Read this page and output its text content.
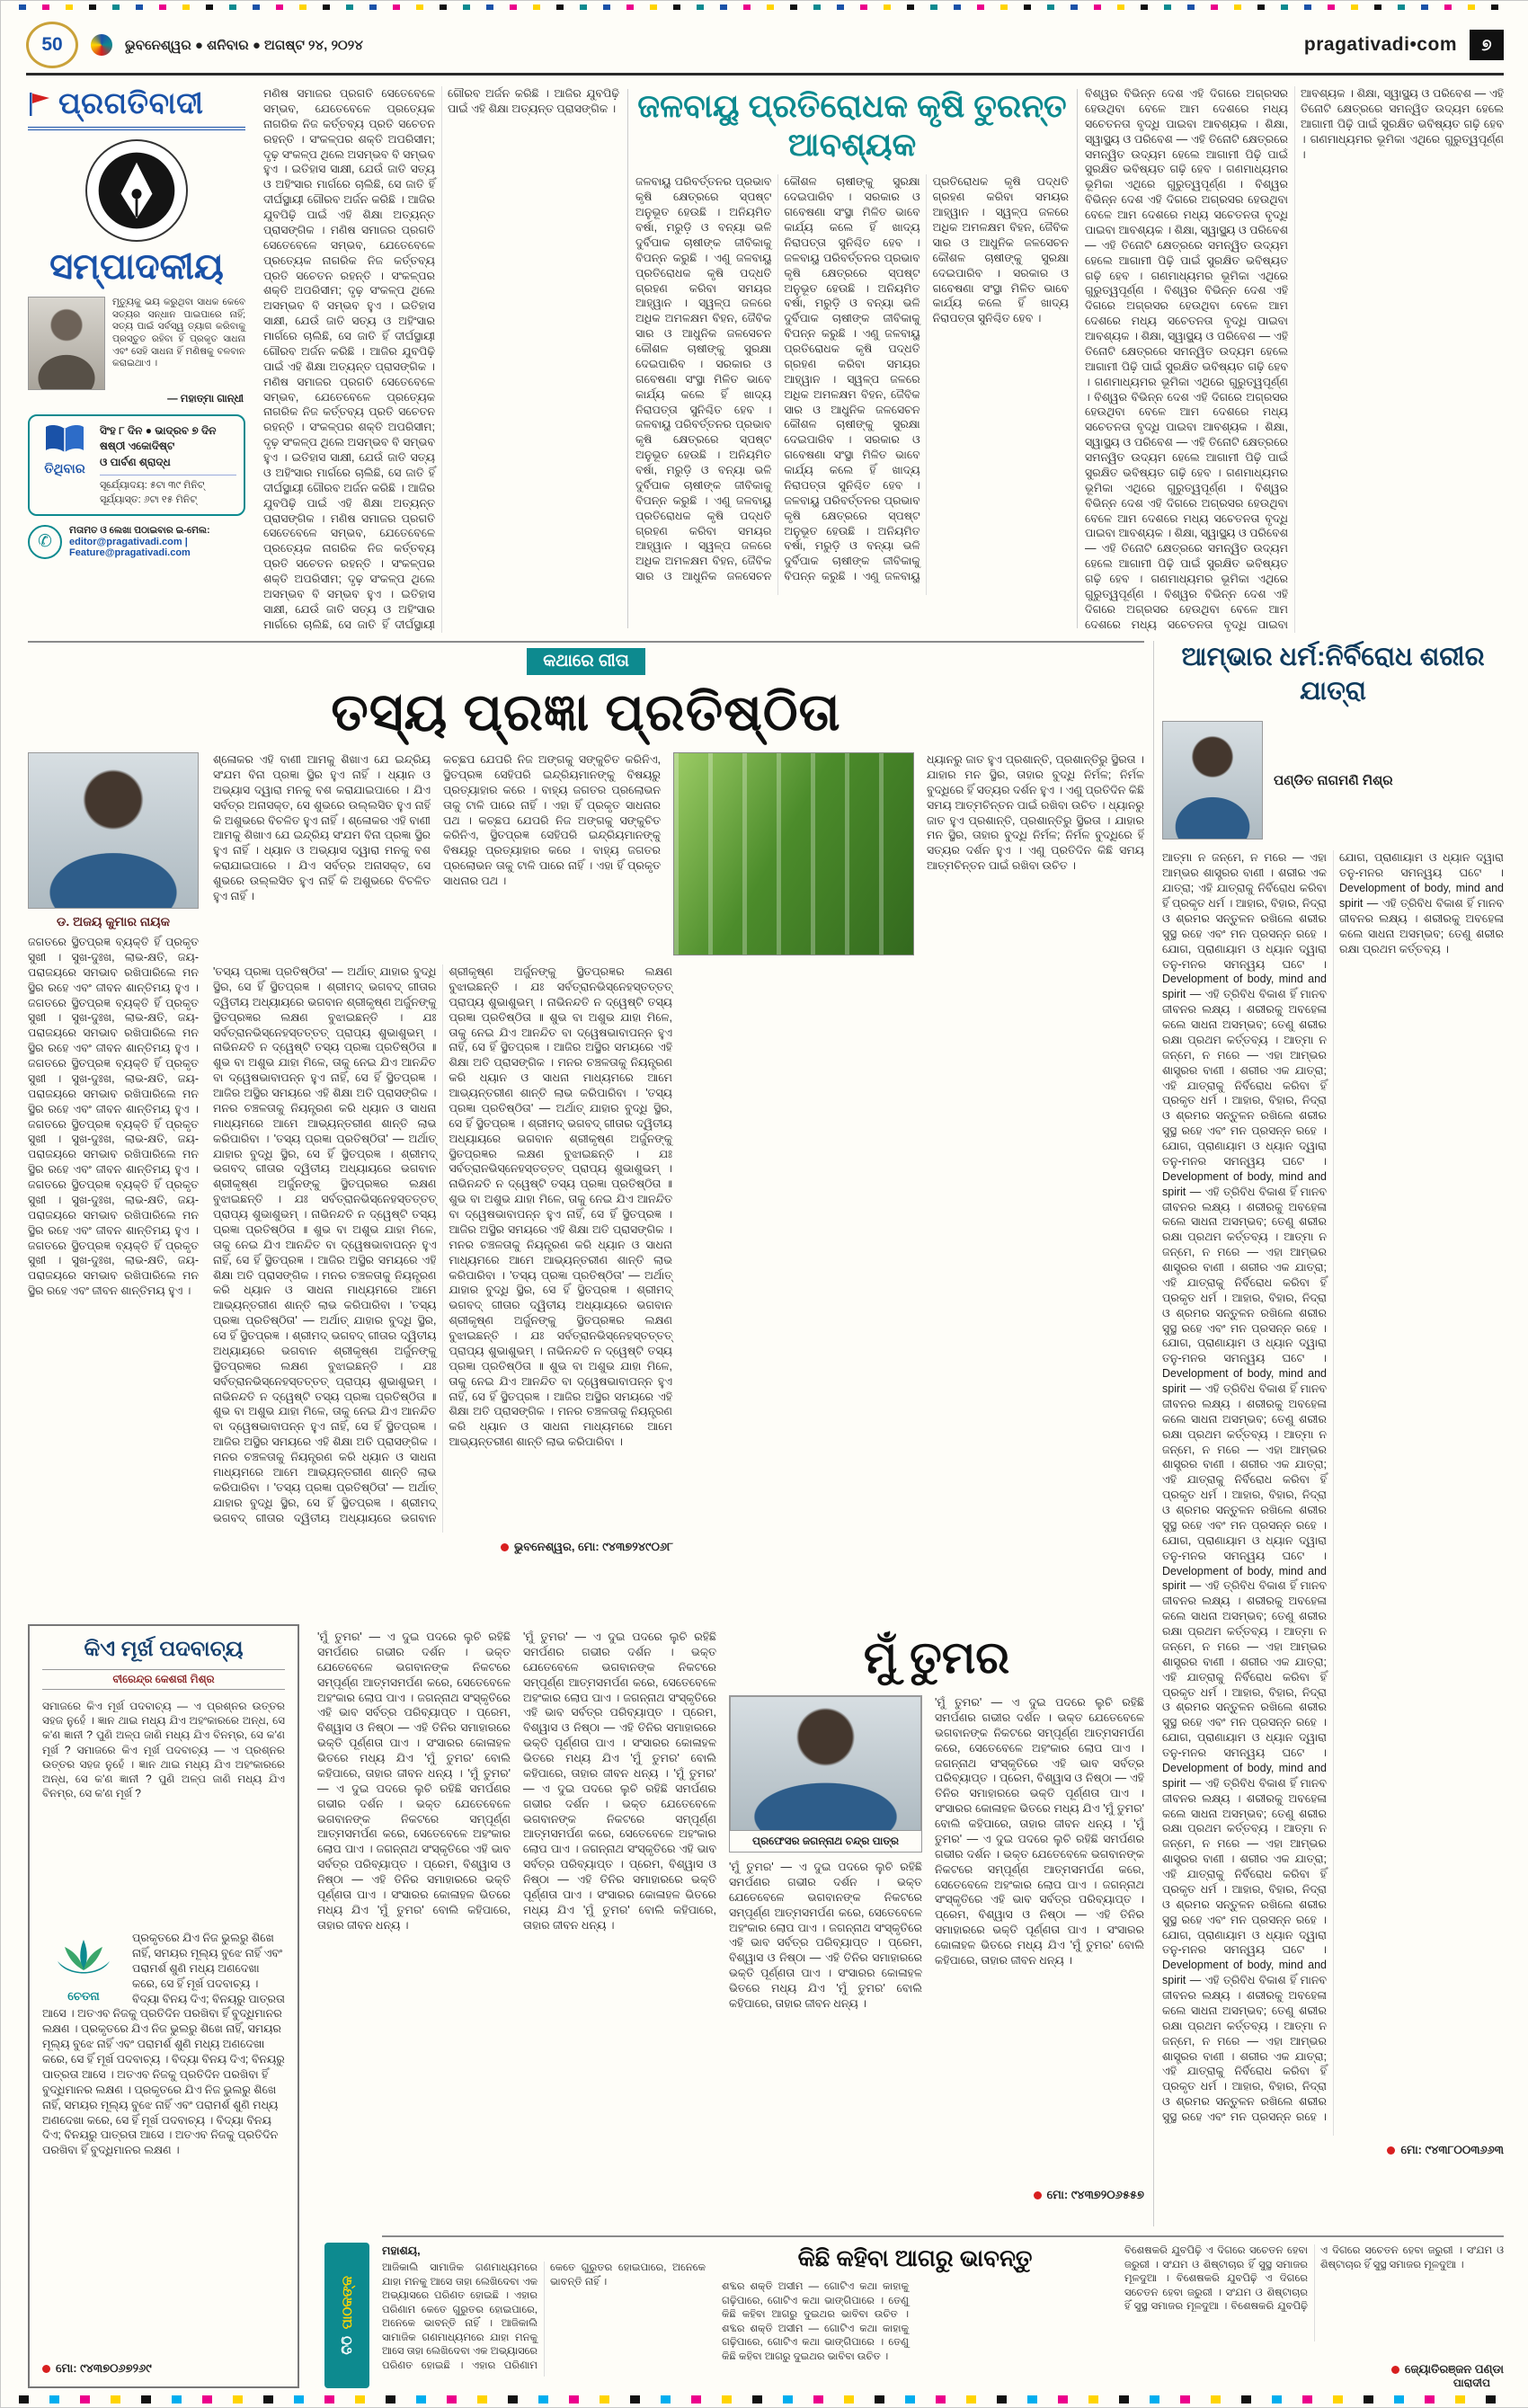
50	ଭୁବନେଶ୍ୱର ● ଶନିବାର ● ଅଗଷ୍ଟ ୨୪, ୨୦୨୪	pragativadi•com	୭
ପ୍ରଗତିବାଦୀ
ସମ୍ପାଦକୀୟ

ମୃତ୍ୟୁକୁ ଭୟ କରୁଥିବା ସାଧକ କେବେ ସତ୍ୟର ସନ୍ଧାନ ପାଇପାରେ ନାହିଁ; ସତ୍ୟ ପାଇଁ ସର୍ବସ୍ୱ ତ୍ୟାଗ କରିବାକୁ ପ୍ରସ୍ତୁତ ରହିବା ହିଁ ପ୍ରକୃତ ସାଧନା ଏବଂ ସେହି ସାଧନା ହିଁ ମଣିଷକୁ ବଳବାନ କରାଇଥାଏ ।

— ମହାତ୍ମା ଗାନ୍ଧୀ
ତିଥିବାର
ସିଂହ ୮ ଦିନ ● ଭାଦ୍ରବ ୭ ଦିନ
ଷଷ୍ଠୀ ଏକୋଦିଷ୍ଟ
ଓ ପାର୍ବଣ ଶ୍ରାଦ୍ଧ
ସୂର୍ଯ୍ୟୋଦୟ: ୫ଟା ୩୯ ମିନିଟ୍
ସୂର୍ଯ୍ୟାସ୍ତ: ୬ଟା ୧୫ ମିନିଟ୍
✆
ମତାମତ ଓ ଲେଖା ପଠାଇବାର ଇ-ମେଲ:
editor@pragativadi.com | Feature@pragativadi.com

ମଣିଷ ସମାଜର ପ୍ରଗତି ସେତେବେଳେ ସମ୍ଭବ, ଯେତେବେଳେ ପ୍ରତ୍ୟେକ ନାଗରିକ ନିଜ କର୍ତ୍ତବ୍ୟ ପ୍ରତି ସଚେତନ ରହନ୍ତି । ସଂକଳ୍ପର ଶକ୍ତି ଅପରିସୀମ; ଦୃଢ଼ ସଂକଳ୍ପ ଥିଲେ ଅସମ୍ଭବ ବି ସମ୍ଭବ ହୁଏ । ଇତିହାସ ସାକ୍ଷୀ, ଯେଉଁ ଜାତି ସତ୍ୟ ଓ ଅହିଂସାର ମାର୍ଗରେ ଚାଲିଛି, ସେ ଜାତି ହିଁ ଦୀର୍ଘସ୍ଥାୟୀ ଗୌରବ ଅର୍ଜନ କରିଛି । ଆଜିର ଯୁବପିଢ଼ି ପାଇଁ ଏହି ଶିକ୍ଷା ଅତ୍ୟନ୍ତ ପ୍ରାସଙ୍ଗିକ । ମଣିଷ ସମାଜର ପ୍ରଗତି ସେତେବେଳେ ସମ୍ଭବ, ଯେତେବେଳେ ପ୍ରତ୍ୟେକ ନାଗରିକ ନିଜ କର୍ତ୍ତବ୍ୟ ପ୍ରତି ସଚେତନ ରହନ୍ତି । ସଂକଳ୍ପର ଶକ୍ତି ଅପରିସୀମ; ଦୃଢ଼ ସଂକଳ୍ପ ଥିଲେ ଅସମ୍ଭବ ବି ସମ୍ଭବ ହୁଏ । ଇତିହାସ ସାକ୍ଷୀ, ଯେଉଁ ଜାତି ସତ୍ୟ ଓ ଅହିଂସାର ମାର୍ଗରେ ଚାଲିଛି, ସେ ଜାତି ହିଁ ଦୀର୍ଘସ୍ଥାୟୀ ଗୌରବ ଅର୍ଜନ କରିଛି । ଆଜିର ଯୁବପିଢ଼ି ପାଇଁ ଏହି ଶିକ୍ଷା ଅତ୍ୟନ୍ତ ପ୍ରାସଙ୍ଗିକ । ମଣିଷ ସମାଜର ପ୍ରଗତି ସେତେବେଳେ ସମ୍ଭବ, ଯେତେବେଳେ ପ୍ରତ୍ୟେକ ନାଗରିକ ନିଜ କର୍ତ୍ତବ୍ୟ ପ୍ରତି ସଚେତନ ରହନ୍ତି । ସଂକଳ୍ପର ଶକ୍ତି ଅପରିସୀମ; ଦୃଢ଼ ସଂକଳ୍ପ ଥିଲେ ଅସମ୍ଭବ ବି ସମ୍ଭବ ହୁଏ । ଇତିହାସ ସାକ୍ଷୀ, ଯେଉଁ ଜାତି ସତ୍ୟ ଓ ଅହିଂସାର ମାର୍ଗରେ ଚାଲିଛି, ସେ ଜାତି ହିଁ ଦୀର୍ଘସ୍ଥାୟୀ ଗୌରବ ଅର୍ଜନ କରିଛି । ଆଜିର ଯୁବପିଢ଼ି ପାଇଁ ଏହି ଶିକ୍ଷା ଅତ୍ୟନ୍ତ ପ୍ରାସଙ୍ଗିକ । ମଣିଷ ସମାଜର ପ୍ରଗତି ସେତେବେଳେ ସମ୍ଭବ, ଯେତେବେଳେ ପ୍ରତ୍ୟେକ ନାଗରିକ ନିଜ କର୍ତ୍ତବ୍ୟ ପ୍ରତି ସଚେତନ ରହନ୍ତି । ସଂକଳ୍ପର ଶକ୍ତି ଅପରିସୀମ; ଦୃଢ଼ ସଂକଳ୍ପ ଥିଲେ ଅସମ୍ଭବ ବି ସମ୍ଭବ ହୁଏ । ଇତିହାସ ସାକ୍ଷୀ, ଯେଉଁ ଜାତି ସତ୍ୟ ଓ ଅହିଂସାର ମାର୍ଗରେ ଚାଲିଛି, ସେ ଜାତି ହିଁ ଦୀର୍ଘସ୍ଥାୟୀ ଗୌରବ ଅର୍ଜନ କରିଛି । ଆଜିର ଯୁବପିଢ଼ି ପାଇଁ ଏହି ଶିକ୍ଷା ଅତ୍ୟନ୍ତ ପ୍ରାସଙ୍ଗିକ । ଜଳବାୟୁ ପ୍ରତିରୋଧକ କୃଷି ତୁରନ୍ତ ଆବଶ୍ୟକ

ଜଳବାୟୁ ପରିବର୍ତ୍ତନର ପ୍ରଭାବ କୃଷି କ୍ଷେତ୍ରରେ ସ୍ପଷ୍ଟ ଅନୁଭୂତ ହେଉଛି । ଅନିୟମିତ ବର୍ଷା, ମରୁଡ଼ି ଓ ବନ୍ୟା ଭଳି ଦୁର୍ବିପାକ ଚାଷୀଙ୍କ ଜୀବିକାକୁ ବିପନ୍ନ କରୁଛି । ଏଣୁ ଜଳବାୟୁ ପ୍ରତିରୋଧକ କୃଷି ପଦ୍ଧତି ଗ୍ରହଣ କରିବା ସମୟର ଆହ୍ୱାନ । ସ୍ୱଳ୍ପ ଜଳରେ ଅଧିକ ଅମଳକ୍ଷମ ବିହନ, ଜୈବିକ ସାର ଓ ଆଧୁନିକ ଜଳସେଚନ କୌଶଳ ଚାଷୀଙ୍କୁ ସୁରକ୍ଷା ଦେଇପାରିବ । ସରକାର ଓ ଗବେଷଣା ସଂସ୍ଥା ମିଳିତ ଭାବେ କାର୍ଯ୍ୟ କଲେ ହିଁ ଖାଦ୍ୟ ନିରାପତ୍ତା ସୁନିଶ୍ଚିତ ହେବ । ଜଳବାୟୁ ପରିବର୍ତ୍ତନର ପ୍ରଭାବ କୃଷି କ୍ଷେତ୍ରରେ ସ୍ପଷ୍ଟ ଅନୁଭୂତ ହେଉଛି । ଅନିୟମିତ ବର୍ଷା, ମରୁଡ଼ି ଓ ବନ୍ୟା ଭଳି ଦୁର୍ବିପାକ ଚାଷୀଙ୍କ ଜୀବିକାକୁ ବିପନ୍ନ କରୁଛି । ଏଣୁ ଜଳବାୟୁ ପ୍ରତିରୋଧକ କୃଷି ପଦ୍ଧତି ଗ୍ରହଣ କରିବା ସମୟର ଆହ୍ୱାନ । ସ୍ୱଳ୍ପ ଜଳରେ ଅଧିକ ଅମଳକ୍ଷମ ବିହନ, ଜୈବିକ ସାର ଓ ଆଧୁନିକ ଜଳସେଚନ କୌଶଳ ଚାଷୀଙ୍କୁ ସୁରକ୍ଷା ଦେଇପାରିବ । ସରକାର ଓ ଗବେଷଣା ସଂସ୍ଥା ମିଳିତ ଭାବେ କାର୍ଯ୍ୟ କଲେ ହିଁ ଖାଦ୍ୟ ନିରାପତ୍ତା ସୁନିଶ୍ଚିତ ହେବ । ଜଳବାୟୁ ପରିବର୍ତ୍ତନର ପ୍ରଭାବ କୃଷି କ୍ଷେତ୍ରରେ ସ୍ପଷ୍ଟ ଅନୁଭୂତ ହେଉଛି । ଅନିୟମିତ ବର୍ଷା, ମରୁଡ଼ି ଓ ବନ୍ୟା ଭଳି ଦୁର୍ବିପାକ ଚାଷୀଙ୍କ ଜୀବିକାକୁ ବିପନ୍ନ କରୁଛି । ଏଣୁ ଜଳବାୟୁ ପ୍ରତିରୋଧକ କୃଷି ପଦ୍ଧତି ଗ୍ରହଣ କରିବା ସମୟର ଆହ୍ୱାନ । ସ୍ୱଳ୍ପ ଜଳରେ ଅଧିକ ଅମଳକ୍ଷମ ବିହନ, ଜୈବିକ ସାର ଓ ଆଧୁନିକ ଜଳସେଚନ କୌଶଳ ଚାଷୀଙ୍କୁ ସୁରକ୍ଷା ଦେଇପାରିବ । ସରକାର ଓ ଗବେଷଣା ସଂସ୍ଥା ମିଳିତ ଭାବେ କାର୍ଯ୍ୟ କଲେ ହିଁ ଖାଦ୍ୟ ନିରାପତ୍ତା ସୁନିଶ୍ଚିତ ହେବ । ଜଳବାୟୁ ପରିବର୍ତ୍ତନର ପ୍ରଭାବ କୃଷି କ୍ଷେତ୍ରରେ ସ୍ପଷ୍ଟ ଅନୁଭୂତ ହେଉଛି । ଅନିୟମିତ ବର୍ଷା, ମରୁଡ଼ି ଓ ବନ୍ୟା ଭଳି ଦୁର୍ବିପାକ ଚାଷୀଙ୍କ ଜୀବିକାକୁ ବିପନ୍ନ କରୁଛି । ଏଣୁ ଜଳବାୟୁ ପ୍ରତିରୋଧକ କୃଷି ପଦ୍ଧତି ଗ୍ରହଣ କରିବା ସମୟର ଆହ୍ୱାନ । ସ୍ୱଳ୍ପ ଜଳରେ ଅଧିକ ଅମଳକ୍ଷମ ବିହନ, ଜୈବିକ ସାର ଓ ଆଧୁନିକ ଜଳସେଚନ କୌଶଳ ଚାଷୀଙ୍କୁ ସୁରକ୍ଷା ଦେଇପାରିବ । ସରକାର ଓ ଗବେଷଣା ସଂସ୍ଥା ମିଳିତ ଭାବେ କାର୍ଯ୍ୟ କଲେ ହିଁ ଖାଦ୍ୟ ନିରାପତ୍ତା ସୁନିଶ୍ଚିତ ହେବ ।

ବିଶ୍ୱର ବିଭିନ୍ନ ଦେଶ ଏହି ଦିଗରେ ଅଗ୍ରସର ହେଉଥିବା ବେଳେ ଆମ ଦେଶରେ ମଧ୍ୟ ସଚେତନତା ବୃଦ୍ଧି ପାଇବା ଆବଶ୍ୟକ । ଶିକ୍ଷା, ସ୍ୱାସ୍ଥ୍ୟ ଓ ପରିବେଶ — ଏହି ତିନୋଟି କ୍ଷେତ୍ରରେ ସମନ୍ୱିତ ଉଦ୍ୟମ ହେଲେ ଆଗାମୀ ପିଢ଼ି ପାଇଁ ସୁରକ୍ଷିତ ଭବିଷ୍ୟତ ଗଢ଼ି ହେବ । ଗଣମାଧ୍ୟମର ଭୂମିକା ଏଥିରେ ଗୁରୁତ୍ୱପୂର୍ଣ୍ଣ । ବିଶ୍ୱର ବିଭିନ୍ନ ଦେଶ ଏହି ଦିଗରେ ଅଗ୍ରସର ହେଉଥିବା ବେଳେ ଆମ ଦେଶରେ ମଧ୍ୟ ସଚେତନତା ବୃଦ୍ଧି ପାଇବା ଆବଶ୍ୟକ । ଶିକ୍ଷା, ସ୍ୱାସ୍ଥ୍ୟ ଓ ପରିବେଶ — ଏହି ତିନୋଟି କ୍ଷେତ୍ରରେ ସମନ୍ୱିତ ଉଦ୍ୟମ ହେଲେ ଆଗାମୀ ପିଢ଼ି ପାଇଁ ସୁରକ୍ଷିତ ଭବିଷ୍ୟତ ଗଢ଼ି ହେବ । ଗଣମାଧ୍ୟମର ଭୂମିକା ଏଥିରେ ଗୁରୁତ୍ୱପୂର୍ଣ୍ଣ । ବିଶ୍ୱର ବିଭିନ୍ନ ଦେଶ ଏହି ଦିଗରେ ଅଗ୍ରସର ହେଉଥିବା ବେଳେ ଆମ ଦେଶରେ ମଧ୍ୟ ସଚେତନତା ବୃଦ୍ଧି ପାଇବା ଆବଶ୍ୟକ । ଶିକ୍ଷା, ସ୍ୱାସ୍ଥ୍ୟ ଓ ପରିବେଶ — ଏହି ତିନୋଟି କ୍ଷେତ୍ରରେ ସମନ୍ୱିତ ଉଦ୍ୟମ ହେଲେ ଆଗାମୀ ପିଢ଼ି ପାଇଁ ସୁରକ୍ଷିତ ଭବିଷ୍ୟତ ଗଢ଼ି ହେବ । ଗଣମାଧ୍ୟମର ଭୂମିକା ଏଥିରେ ଗୁରୁତ୍ୱପୂର୍ଣ୍ଣ । ବିଶ୍ୱର ବିଭିନ୍ନ ଦେଶ ଏହି ଦିଗରେ ଅଗ୍ରସର ହେଉଥିବା ବେଳେ ଆମ ଦେଶରେ ମଧ୍ୟ ସଚେତନତା ବୃଦ୍ଧି ପାଇବା ଆବଶ୍ୟକ । ଶିକ୍ଷା, ସ୍ୱାସ୍ଥ୍ୟ ଓ ପରିବେଶ — ଏହି ତିନୋଟି କ୍ଷେତ୍ରରେ ସମନ୍ୱିତ ଉଦ୍ୟମ ହେଲେ ଆଗାମୀ ପିଢ଼ି ପାଇଁ ସୁରକ୍ଷିତ ଭବିଷ୍ୟତ ଗଢ଼ି ହେବ । ଗଣମାଧ୍ୟମର ଭୂମିକା ଏଥିରେ ଗୁରୁତ୍ୱପୂର୍ଣ୍ଣ । ବିଶ୍ୱର ବିଭିନ୍ନ ଦେଶ ଏହି ଦିଗରେ ଅଗ୍ରସର ହେଉଥିବା ବେଳେ ଆମ ଦେଶରେ ମଧ୍ୟ ସଚେତନତା ବୃଦ୍ଧି ପାଇବା ଆବଶ୍ୟକ । ଶିକ୍ଷା, ସ୍ୱାସ୍ଥ୍ୟ ଓ ପରିବେଶ — ଏହି ତିନୋଟି କ୍ଷେତ୍ରରେ ସମନ୍ୱିତ ଉଦ୍ୟମ ହେଲେ ଆଗାମୀ ପିଢ଼ି ପାଇଁ ସୁରକ୍ଷିତ ଭବିଷ୍ୟତ ଗଢ଼ି ହେବ । ଗଣମାଧ୍ୟମର ଭୂମିକା ଏଥିରେ ଗୁରୁତ୍ୱପୂର୍ଣ୍ଣ । ବିଶ୍ୱର ବିଭିନ୍ନ ଦେଶ ଏହି ଦିଗରେ ଅଗ୍ରସର ହେଉଥିବା ବେଳେ ଆମ ଦେଶରେ ମଧ୍ୟ ସଚେତନତା ବୃଦ୍ଧି ପାଇବା ଆବଶ୍ୟକ । ଶିକ୍ଷା, ସ୍ୱାସ୍ଥ୍ୟ ଓ ପରିବେଶ — ଏହି ତିନୋଟି କ୍ଷେତ୍ରରେ ସମନ୍ୱିତ ଉଦ୍ୟମ ହେଲେ ଆଗାମୀ ପିଢ଼ି ପାଇଁ ସୁରକ୍ଷିତ ଭବିଷ୍ୟତ ଗଢ଼ି ହେବ । ଗଣମାଧ୍ୟମର ଭୂମିକା ଏଥିରେ ଗୁରୁତ୍ୱପୂର୍ଣ୍ଣ ।

କଥାରେ ଗୀତା
ତସ୍ୟ ପ୍ରଜ୍ଞା ପ୍ରତିଷ୍ଠିତା
ଡ. ଅଜୟ କୁମାର ନାୟକ

ଜଗତରେ ସ୍ଥିତପ୍ରଜ୍ଞ ବ୍ୟକ୍ତି ହିଁ ପ୍ରକୃତ ସୁଖୀ । ସୁଖ-ଦୁଃଖ, ଲାଭ-କ୍ଷତି, ଜୟ-ପରାଜୟରେ ସମଭାବ ରଖିପାରିଲେ ମନ ସ୍ଥିର ରହେ ଏବଂ ଜୀବନ ଶାନ୍ତିମୟ ହୁଏ । ଜଗତରେ ସ୍ଥିତପ୍ରଜ୍ଞ ବ୍ୟକ୍ତି ହିଁ ପ୍ରକୃତ ସୁଖୀ । ସୁଖ-ଦୁଃଖ, ଲାଭ-କ୍ଷତି, ଜୟ-ପରାଜୟରେ ସମଭାବ ରଖିପାରିଲେ ମନ ସ୍ଥିର ରହେ ଏବଂ ଜୀବନ ଶାନ୍ତିମୟ ହୁଏ । ଜଗତରେ ସ୍ଥିତପ୍ରଜ୍ଞ ବ୍ୟକ୍ତି ହିଁ ପ୍ରକୃତ ସୁଖୀ । ସୁଖ-ଦୁଃଖ, ଲାଭ-କ୍ଷତି, ଜୟ-ପରାଜୟରେ ସମଭାବ ରଖିପାରିଲେ ମନ ସ୍ଥିର ରହେ ଏବଂ ଜୀବନ ଶାନ୍ତିମୟ ହୁଏ । ଜଗତରେ ସ୍ଥିତପ୍ରଜ୍ଞ ବ୍ୟକ୍ତି ହିଁ ପ୍ରକୃତ ସୁଖୀ । ସୁଖ-ଦୁଃଖ, ଲାଭ-କ୍ଷତି, ଜୟ-ପରାଜୟରେ ସମଭାବ ରଖିପାରିଲେ ମନ ସ୍ଥିର ରହେ ଏବଂ ଜୀବନ ଶାନ୍ତିମୟ ହୁଏ । ଜଗତରେ ସ୍ଥିତପ୍ରଜ୍ଞ ବ୍ୟକ୍ତି ହିଁ ପ୍ରକୃତ ସୁଖୀ । ସୁଖ-ଦୁଃଖ, ଲାଭ-କ୍ଷତି, ଜୟ-ପରାଜୟରେ ସମଭାବ ରଖିପାରିଲେ ମନ ସ୍ଥିର ରହେ ଏବଂ ଜୀବନ ଶାନ୍ତିମୟ ହୁଏ । ଜଗତରେ ସ୍ଥିତପ୍ରଜ୍ଞ ବ୍ୟକ୍ତି ହିଁ ପ୍ରକୃତ ସୁଖୀ । ସୁଖ-ଦୁଃଖ, ଲାଭ-କ୍ଷତି, ଜୟ-ପରାଜୟରେ ସମଭାବ ରଖିପାରିଲେ ମନ ସ୍ଥିର ରହେ ଏବଂ ଜୀବନ ଶାନ୍ତିମୟ ହୁଏ ।

ଶ୍ଳୋକର ଏହି ବାଣୀ ଆମକୁ ଶିଖାଏ ଯେ ଇନ୍ଦ୍ରିୟ ସଂଯମ ବିନା ପ୍ରଜ୍ଞା ସ୍ଥିର ହୁଏ ନାହିଁ । ଧ୍ୟାନ ଓ ଅଭ୍ୟାସ ଦ୍ୱାରା ମନକୁ ବଶ କରାଯାଇପାରେ । ଯିଏ ସର୍ବତ୍ର ଅନାସକ୍ତ, ସେ ଶୁଭରେ ଉଲ୍ଲସିତ ହୁଏ ନାହିଁ କି ଅଶୁଭରେ ବିଚଳିତ ହୁଏ ନାହିଁ । ଶ୍ଳୋକର ଏହି ବାଣୀ ଆମକୁ ଶିଖାଏ ଯେ ଇନ୍ଦ୍ରିୟ ସଂଯମ ବିନା ପ୍ରଜ୍ଞା ସ୍ଥିର ହୁଏ ନାହିଁ । ଧ୍ୟାନ ଓ ଅଭ୍ୟାସ ଦ୍ୱାରା ମନକୁ ବଶ କରାଯାଇପାରେ । ଯିଏ ସର୍ବତ୍ର ଅନାସକ୍ତ, ସେ ଶୁଭରେ ଉଲ୍ଲସିତ ହୁଏ ନାହିଁ କି ଅଶୁଭରେ ବିଚଳିତ ହୁଏ ନାହିଁ ।

କଚ୍ଛପ ଯେପରି ନିଜ ଅଙ୍ଗକୁ ସଙ୍କୁଚିତ କରିନିଏ, ସ୍ଥିତପ୍ରଜ୍ଞ ସେହିପରି ଇନ୍ଦ୍ରିୟମାନଙ୍କୁ ବିଷୟରୁ ପ୍ରତ୍ୟାହାର କରେ । ବାହ୍ୟ ଜଗତର ପ୍ରଲୋଭନ ତାକୁ ଟାଳି ପାରେ ନାହିଁ । ଏହା ହିଁ ପ୍ରକୃତ ସାଧନାର ପଥ । କଚ୍ଛପ ଯେପରି ନିଜ ଅଙ୍ଗକୁ ସଙ୍କୁଚିତ କରିନିଏ, ସ୍ଥିତପ୍ରଜ୍ଞ ସେହିପରି ଇନ୍ଦ୍ରିୟମାନଙ୍କୁ ବିଷୟରୁ ପ୍ରତ୍ୟାହାର କରେ । ବାହ୍ୟ ଜଗତର ପ୍ରଲୋଭନ ତାକୁ ଟାଳି ପାରେ ନାହିଁ । ଏହା ହିଁ ପ୍ରକୃତ ସାଧନାର ପଥ ।

ଧ୍ୟାନରୁ ଜାତ ହୁଏ ପ୍ରଶାନ୍ତି, ପ୍ରଶାନ୍ତିରୁ ସ୍ଥିରତା । ଯାହାର ମନ ସ୍ଥିର, ତାହାର ବୁଦ୍ଧି ନିର୍ମଳ; ନିର୍ମଳ ବୁଦ୍ଧିରେ ହିଁ ସତ୍ୟର ଦର୍ଶନ ହୁଏ । ଏଣୁ ପ୍ରତିଦିନ କିଛି ସମୟ ଆତ୍ମଚିନ୍ତନ ପାଇଁ ରଖିବା ଉଚିତ । ଧ୍ୟାନରୁ ଜାତ ହୁଏ ପ୍ରଶାନ୍ତି, ପ୍ରଶାନ୍ତିରୁ ସ୍ଥିରତା । ଯାହାର ମନ ସ୍ଥିର, ତାହାର ବୁଦ୍ଧି ନିର୍ମଳ; ନିର୍ମଳ ବୁଦ୍ଧିରେ ହିଁ ସତ୍ୟର ଦର୍ଶନ ହୁଏ । ଏଣୁ ପ୍ରତିଦିନ କିଛି ସମୟ ଆତ୍ମଚିନ୍ତନ ପାଇଁ ରଖିବା ଉଚିତ ।

'ତସ୍ୟ ପ୍ରଜ୍ଞା ପ୍ରତିଷ୍ଠିତା' — ଅର୍ଥାତ୍ ଯାହାର ବୁଦ୍ଧି ସ୍ଥିର, ସେ ହିଁ ସ୍ଥିତପ୍ରଜ୍ଞ । ଶ୍ରୀମଦ୍ ଭଗବଦ୍ ଗୀତାର ଦ୍ୱିତୀୟ ଅଧ୍ୟାୟରେ ଭଗବାନ ଶ୍ରୀକୃଷ୍ଣ ଅର୍ଜୁନଙ୍କୁ ସ୍ଥିତପ୍ରଜ୍ଞର ଲକ୍ଷଣ ବୁଝାଇଛନ୍ତି । ଯଃ ସର୍ବତ୍ରାନଭିସ୍ନେହସ୍ତତ୍ତତ୍ ପ୍ରାପ୍ୟ ଶୁଭାଶୁଭମ୍ । ନାଭିନନ୍ଦତି ନ ଦ୍ୱେଷ୍ଟି ତସ୍ୟ ପ୍ରଜ୍ଞା ପ୍ରତିଷ୍ଠିତା ॥ ଶୁଭ ବା ଅଶୁଭ ଯାହା ମିଳେ, ତାକୁ ନେଇ ଯିଏ ଆନନ୍ଦିତ ବା ଦ୍ୱେଷଭାବାପନ୍ନ ହୁଏ ନାହିଁ, ସେ ହିଁ ସ୍ଥିତପ୍ରଜ୍ଞ । ଆଜିର ଅସ୍ଥିର ସମୟରେ ଏହି ଶିକ୍ଷା ଅତି ପ୍ରାସଙ୍ଗିକ । ମନର ଚଞ୍ଚଳତାକୁ ନିୟନ୍ତ୍ରଣ କରି ଧ୍ୟାନ ଓ ସାଧନା ମାଧ୍ୟମରେ ଆମେ ଆଭ୍ୟନ୍ତରୀଣ ଶାନ୍ତି ଲାଭ କରିପାରିବା । 'ତସ୍ୟ ପ୍ରଜ୍ଞା ପ୍ରତିଷ୍ଠିତା' — ଅର୍ଥାତ୍ ଯାହାର ବୁଦ୍ଧି ସ୍ଥିର, ସେ ହିଁ ସ୍ଥିତପ୍ରଜ୍ଞ । ଶ୍ରୀମଦ୍ ଭଗବଦ୍ ଗୀତାର ଦ୍ୱିତୀୟ ଅଧ୍ୟାୟରେ ଭଗବାନ ଶ୍ରୀକୃଷ୍ଣ ଅର୍ଜୁନଙ୍କୁ ସ୍ଥିତପ୍ରଜ୍ଞର ଲକ୍ଷଣ ବୁଝାଇଛନ୍ତି । ଯଃ ସର୍ବତ୍ରାନଭିସ୍ନେହସ୍ତତ୍ତତ୍ ପ୍ରାପ୍ୟ ଶୁଭାଶୁଭମ୍ । ନାଭିନନ୍ଦତି ନ ଦ୍ୱେଷ୍ଟି ତସ୍ୟ ପ୍ରଜ୍ଞା ପ୍ରତିଷ୍ଠିତା ॥ ଶୁଭ ବା ଅଶୁଭ ଯାହା ମିଳେ, ତାକୁ ନେଇ ଯିଏ ଆନନ୍ଦିତ ବା ଦ୍ୱେଷଭାବାପନ୍ନ ହୁଏ ନାହିଁ, ସେ ହିଁ ସ୍ଥିତପ୍ରଜ୍ଞ । ଆଜିର ଅସ୍ଥିର ସମୟରେ ଏହି ଶିକ୍ଷା ଅତି ପ୍ରାସଙ୍ଗିକ । ମନର ଚଞ୍ଚଳତାକୁ ନିୟନ୍ତ୍ରଣ କରି ଧ୍ୟାନ ଓ ସାଧନା ମାଧ୍ୟମରେ ଆମେ ଆଭ୍ୟନ୍ତରୀଣ ଶାନ୍ତି ଲାଭ କରିପାରିବା । 'ତସ୍ୟ ପ୍ରଜ୍ଞା ପ୍ରତିଷ୍ଠିତା' — ଅର୍ଥାତ୍ ଯାହାର ବୁଦ୍ଧି ସ୍ଥିର, ସେ ହିଁ ସ୍ଥିତପ୍ରଜ୍ଞ । ଶ୍ରୀମଦ୍ ଭଗବଦ୍ ଗୀତାର ଦ୍ୱିତୀୟ ଅଧ୍ୟାୟରେ ଭଗବାନ ଶ୍ରୀକୃଷ୍ଣ ଅର୍ଜୁନଙ୍କୁ ସ୍ଥିତପ୍ରଜ୍ଞର ଲକ୍ଷଣ ବୁଝାଇଛନ୍ତି । ଯଃ ସର୍ବତ୍ରାନଭିସ୍ନେହସ୍ତତ୍ତତ୍ ପ୍ରାପ୍ୟ ଶୁଭାଶୁଭମ୍ । ନାଭିନନ୍ଦତି ନ ଦ୍ୱେଷ୍ଟି ତସ୍ୟ ପ୍ରଜ୍ଞା ପ୍ରତିଷ୍ଠିତା ॥ ଶୁଭ ବା ଅଶୁଭ ଯାହା ମିଳେ, ତାକୁ ନେଇ ଯିଏ ଆନନ୍ଦିତ ବା ଦ୍ୱେଷଭାବାପନ୍ନ ହୁଏ ନାହିଁ, ସେ ହିଁ ସ୍ଥିତପ୍ରଜ୍ଞ । ଆଜିର ଅସ୍ଥିର ସମୟରେ ଏହି ଶିକ୍ଷା ଅତି ପ୍ରାସଙ୍ଗିକ । ମନର ଚଞ୍ଚଳତାକୁ ନିୟନ୍ତ୍ରଣ କରି ଧ୍ୟାନ ଓ ସାଧନା ମାଧ୍ୟମରେ ଆମେ ଆଭ୍ୟନ୍ତରୀଣ ଶାନ୍ତି ଲାଭ କରିପାରିବା । 'ତସ୍ୟ ପ୍ରଜ୍ଞା ପ୍ରତିଷ୍ଠିତା' — ଅର୍ଥାତ୍ ଯାହାର ବୁଦ୍ଧି ସ୍ଥିର, ସେ ହିଁ ସ୍ଥିତପ୍ରଜ୍ଞ । ଶ୍ରୀମଦ୍ ଭଗବଦ୍ ଗୀତାର ଦ୍ୱିତୀୟ ଅଧ୍ୟାୟରେ ଭଗବାନ ଶ୍ରୀକୃଷ୍ଣ ଅର୍ଜୁନଙ୍କୁ ସ୍ଥିତପ୍ରଜ୍ଞର ଲକ୍ଷଣ ବୁଝାଇଛନ୍ତି । ଯଃ ସର୍ବତ୍ରାନଭିସ୍ନେହସ୍ତତ୍ତତ୍ ପ୍ରାପ୍ୟ ଶୁଭାଶୁଭମ୍ । ନାଭିନନ୍ଦତି ନ ଦ୍ୱେଷ୍ଟି ତସ୍ୟ ପ୍ରଜ୍ଞା ପ୍ରତିଷ୍ଠିତା ॥ ଶୁଭ ବା ଅଶୁଭ ଯାହା ମିଳେ, ତାକୁ ନେଇ ଯିଏ ଆନନ୍ଦିତ ବା ଦ୍ୱେଷଭାବାପନ୍ନ ହୁଏ ନାହିଁ, ସେ ହିଁ ସ୍ଥିତପ୍ରଜ୍ଞ । ଆଜିର ଅସ୍ଥିର ସମୟରେ ଏହି ଶିକ୍ଷା ଅତି ପ୍ରାସଙ୍ଗିକ । ମନର ଚଞ୍ଚଳତାକୁ ନିୟନ୍ତ୍ରଣ କରି ଧ୍ୟାନ ଓ ସାଧନା ମାଧ୍ୟମରେ ଆମେ ଆଭ୍ୟନ୍ତରୀଣ ଶାନ୍ତି ଲାଭ କରିପାରିବା । 'ତସ୍ୟ ପ୍ରଜ୍ଞା ପ୍ରତିଷ୍ଠିତା' — ଅର୍ଥାତ୍ ଯାହାର ବୁଦ୍ଧି ସ୍ଥିର, ସେ ହିଁ ସ୍ଥିତପ୍ରଜ୍ଞ । ଶ୍ରୀମଦ୍ ଭଗବଦ୍ ଗୀତାର ଦ୍ୱିତୀୟ ଅଧ୍ୟାୟରେ ଭଗବାନ ଶ୍ରୀକୃଷ୍ଣ ଅର୍ଜୁନଙ୍କୁ ସ୍ଥିତପ୍ରଜ୍ଞର ଲକ୍ଷଣ ବୁଝାଇଛନ୍ତି । ଯଃ ସର୍ବତ୍ରାନଭିସ୍ନେହସ୍ତତ୍ତତ୍ ପ୍ରାପ୍ୟ ଶୁଭାଶୁଭମ୍ । ନାଭିନନ୍ଦତି ନ ଦ୍ୱେଷ୍ଟି ତସ୍ୟ ପ୍ରଜ୍ଞା ପ୍ରତିଷ୍ଠିତା ॥ ଶୁଭ ବା ଅଶୁଭ ଯାହା ମିଳେ, ତାକୁ ନେଇ ଯିଏ ଆନନ୍ଦିତ ବା ଦ୍ୱେଷଭାବାପନ୍ନ ହୁଏ ନାହିଁ, ସେ ହିଁ ସ୍ଥିତପ୍ରଜ୍ଞ । ଆଜିର ଅସ୍ଥିର ସମୟରେ ଏହି ଶିକ୍ଷା ଅତି ପ୍ରାସଙ୍ଗିକ । ମନର ଚଞ୍ଚଳତାକୁ ନିୟନ୍ତ୍ରଣ କରି ଧ୍ୟାନ ଓ ସାଧନା ମାଧ୍ୟମରେ ଆମେ ଆଭ୍ୟନ୍ତରୀଣ ଶାନ୍ତି ଲାଭ କରିପାରିବା । 'ତସ୍ୟ ପ୍ରଜ୍ଞା ପ୍ରତିଷ୍ଠିତା' — ଅର୍ଥାତ୍ ଯାହାର ବୁଦ୍ଧି ସ୍ଥିର, ସେ ହିଁ ସ୍ଥିତପ୍ରଜ୍ଞ । ଶ୍ରୀମଦ୍ ଭଗବଦ୍ ଗୀତାର ଦ୍ୱିତୀୟ ଅଧ୍ୟାୟରେ ଭଗବାନ ଶ୍ରୀକୃଷ୍ଣ ଅର୍ଜୁନଙ୍କୁ ସ୍ଥିତପ୍ରଜ୍ଞର ଲକ୍ଷଣ ବୁଝାଇଛନ୍ତି । ଯଃ ସର୍ବତ୍ରାନଭିସ୍ନେହସ୍ତତ୍ତତ୍ ପ୍ରାପ୍ୟ ଶୁଭାଶୁଭମ୍ । ନାଭିନନ୍ଦତି ନ ଦ୍ୱେଷ୍ଟି ତସ୍ୟ ପ୍ରଜ୍ଞା ପ୍ରତିଷ୍ଠିତା ॥ ଶୁଭ ବା ଅଶୁଭ ଯାହା ମିଳେ, ତାକୁ ନେଇ ଯିଏ ଆନନ୍ଦିତ ବା ଦ୍ୱେଷଭାବାପନ୍ନ ହୁଏ ନାହିଁ, ସେ ହିଁ ସ୍ଥିତପ୍ରଜ୍ଞ । ଆଜିର ଅସ୍ଥିର ସମୟରେ ଏହି ଶିକ୍ଷା ଅତି ପ୍ରାସଙ୍ଗିକ । ମନର ଚଞ୍ଚଳତାକୁ ନିୟନ୍ତ୍ରଣ କରି ଧ୍ୟାନ ଓ ସାଧନା ମାଧ୍ୟମରେ ଆମେ ଆଭ୍ୟନ୍ତରୀଣ ଶାନ୍ତି ଲାଭ କରିପାରିବା ।

ଭୁବନେଶ୍ୱର, ମୋ: ୯୪୩୭୨୪୯୦୬୮
ଆମ୍ଭାର ଧର୍ମ:ନିର୍ବିରୋଧ ଶରୀର ଯାତ୍ରା
ପଣ୍ଡିତ ନାଗମଣି ମିଶ୍ର

ଆତ୍ମା ନ ଜନ୍ମେ, ନ ମରେ — ଏହା ଆମ୍ଭର ଶାସ୍ତ୍ରର ବାଣୀ । ଶରୀର ଏକ ଯାତ୍ରା; ଏହି ଯାତ୍ରାକୁ ନିର୍ବିରୋଧ କରିବା ହିଁ ପ୍ରକୃତ ଧର୍ମ । ଆହାର, ବିହାର, ନିଦ୍ରା ଓ ଶ୍ରମର ସନ୍ତୁଳନ ରଖିଲେ ଶରୀର ସୁସ୍ଥ ରହେ ଏବଂ ମନ ପ୍ରସନ୍ନ ରହେ । ଯୋଗ, ପ୍ରାଣାୟାମ ଓ ଧ୍ୟାନ ଦ୍ୱାରା ତନୁ-ମନର ସମନ୍ୱୟ ଘଟେ । Development of body, mind and spirit — ଏହି ତ୍ରିବିଧ ବିକାଶ ହିଁ ମାନବ ଜୀବନର ଲକ୍ଷ୍ୟ । ଶରୀରକୁ ଅବହେଳା କଲେ ସାଧନା ଅସମ୍ଭବ; ତେଣୁ ଶରୀର ରକ୍ଷା ପ୍ରଥମ କର୍ତ୍ତବ୍ୟ । ଆତ୍ମା ନ ଜନ୍ମେ, ନ ମରେ — ଏହା ଆମ୍ଭର ଶାସ୍ତ୍ରର ବାଣୀ । ଶରୀର ଏକ ଯାତ୍ରା; ଏହି ଯାତ୍ରାକୁ ନିର୍ବିରୋଧ କରିବା ହିଁ ପ୍ରକୃତ ଧର୍ମ । ଆହାର, ବିହାର, ନିଦ୍ରା ଓ ଶ୍ରମର ସନ୍ତୁଳନ ରଖିଲେ ଶରୀର ସୁସ୍ଥ ରହେ ଏବଂ ମନ ପ୍ରସନ୍ନ ରହେ । ଯୋଗ, ପ୍ରାଣାୟାମ ଓ ଧ୍ୟାନ ଦ୍ୱାରା ତନୁ-ମନର ସମନ୍ୱୟ ଘଟେ । Development of body, mind and spirit — ଏହି ତ୍ରିବିଧ ବିକାଶ ହିଁ ମାନବ ଜୀବନର ଲକ୍ଷ୍ୟ । ଶରୀରକୁ ଅବହେଳା କଲେ ସାଧନା ଅସମ୍ଭବ; ତେଣୁ ଶରୀର ରକ୍ଷା ପ୍ରଥମ କର୍ତ୍ତବ୍ୟ । ଆତ୍ମା ନ ଜନ୍ମେ, ନ ମରେ — ଏହା ଆମ୍ଭର ଶାସ୍ତ୍ରର ବାଣୀ । ଶରୀର ଏକ ଯାତ୍ରା; ଏହି ଯାତ୍ରାକୁ ନିର୍ବିରୋଧ କରିବା ହିଁ ପ୍ରକୃତ ଧର୍ମ । ଆହାର, ବିହାର, ନିଦ୍ରା ଓ ଶ୍ରମର ସନ୍ତୁଳନ ରଖିଲେ ଶରୀର ସୁସ୍ଥ ରହେ ଏବଂ ମନ ପ୍ରସନ୍ନ ରହେ । ଯୋଗ, ପ୍ରାଣାୟାମ ଓ ଧ୍ୟାନ ଦ୍ୱାରା ତନୁ-ମନର ସମନ୍ୱୟ ଘଟେ । Development of body, mind and spirit — ଏହି ତ୍ରିବିଧ ବିକାଶ ହିଁ ମାନବ ଜୀବନର ଲକ୍ଷ୍ୟ । ଶରୀରକୁ ଅବହେଳା କଲେ ସାଧନା ଅସମ୍ଭବ; ତେଣୁ ଶରୀର ରକ୍ଷା ପ୍ରଥମ କର୍ତ୍ତବ୍ୟ । ଆତ୍ମା ନ ଜନ୍ମେ, ନ ମରେ — ଏହା ଆମ୍ଭର ଶାସ୍ତ୍ରର ବାଣୀ । ଶରୀର ଏକ ଯାତ୍ରା; ଏହି ଯାତ୍ରାକୁ ନିର୍ବିରୋଧ କରିବା ହିଁ ପ୍ରକୃତ ଧର୍ମ । ଆହାର, ବିହାର, ନିଦ୍ରା ଓ ଶ୍ରମର ସନ୍ତୁଳନ ରଖିଲେ ଶରୀର ସୁସ୍ଥ ରହେ ଏବଂ ମନ ପ୍ରସନ୍ନ ରହେ । ଯୋଗ, ପ୍ରାଣାୟାମ ଓ ଧ୍ୟାନ ଦ୍ୱାରା ତନୁ-ମନର ସମନ୍ୱୟ ଘଟେ । Development of body, mind and spirit — ଏହି ତ୍ରିବିଧ ବିକାଶ ହିଁ ମାନବ ଜୀବନର ଲକ୍ଷ୍ୟ । ଶରୀରକୁ ଅବହେଳା କଲେ ସାଧନା ଅସମ୍ଭବ; ତେଣୁ ଶରୀର ରକ୍ଷା ପ୍ରଥମ କର୍ତ୍ତବ୍ୟ । ଆତ୍ମା ନ ଜନ୍ମେ, ନ ମରେ — ଏହା ଆମ୍ଭର ଶାସ୍ତ୍ରର ବାଣୀ । ଶରୀର ଏକ ଯାତ୍ରା; ଏହି ଯାତ୍ରାକୁ ନିର୍ବିରୋଧ କରିବା ହିଁ ପ୍ରକୃତ ଧର୍ମ । ଆହାର, ବିହାର, ନିଦ୍ରା ଓ ଶ୍ରମର ସନ୍ତୁଳନ ରଖିଲେ ଶରୀର ସୁସ୍ଥ ରହେ ଏବଂ ମନ ପ୍ରସନ୍ନ ରହେ । ଯୋଗ, ପ୍ରାଣାୟାମ ଓ ଧ୍ୟାନ ଦ୍ୱାରା ତନୁ-ମନର ସମନ୍ୱୟ ଘଟେ । Development of body, mind and spirit — ଏହି ତ୍ରିବିଧ ବିକାଶ ହିଁ ମାନବ ଜୀବନର ଲକ୍ଷ୍ୟ । ଶରୀରକୁ ଅବହେଳା କଲେ ସାଧନା ଅସମ୍ଭବ; ତେଣୁ ଶରୀର ରକ୍ଷା ପ୍ରଥମ କର୍ତ୍ତବ୍ୟ । ଆତ୍ମା ନ ଜନ୍ମେ, ନ ମରେ — ଏହା ଆମ୍ଭର ଶାସ୍ତ୍ରର ବାଣୀ । ଶରୀର ଏକ ଯାତ୍ରା; ଏହି ଯାତ୍ରାକୁ ନିର୍ବିରୋଧ କରିବା ହିଁ ପ୍ରକୃତ ଧର୍ମ । ଆହାର, ବିହାର, ନିଦ୍ରା ଓ ଶ୍ରମର ସନ୍ତୁଳନ ରଖିଲେ ଶରୀର ସୁସ୍ଥ ରହେ ଏବଂ ମନ ପ୍ରସନ୍ନ ରହେ । ଯୋଗ, ପ୍ରାଣାୟାମ ଓ ଧ୍ୟାନ ଦ୍ୱାରା ତନୁ-ମନର ସମନ୍ୱୟ ଘଟେ । Development of body, mind and spirit — ଏହି ତ୍ରିବିଧ ବିକାଶ ହିଁ ମାନବ ଜୀବନର ଲକ୍ଷ୍ୟ । ଶରୀରକୁ ଅବହେଳା କଲେ ସାଧନା ଅସମ୍ଭବ; ତେଣୁ ଶରୀର ରକ୍ଷା ପ୍ରଥମ କର୍ତ୍ତବ୍ୟ । ଆତ୍ମା ନ ଜନ୍ମେ, ନ ମରେ — ଏହା ଆମ୍ଭର ଶାସ୍ତ୍ରର ବାଣୀ । ଶରୀର ଏକ ଯାତ୍ରା; ଏହି ଯାତ୍ରାକୁ ନିର୍ବିରୋଧ କରିବା ହିଁ ପ୍ରକୃତ ଧର୍ମ । ଆହାର, ବିହାର, ନିଦ୍ରା ଓ ଶ୍ରମର ସନ୍ତୁଳନ ରଖିଲେ ଶରୀର ସୁସ୍ଥ ରହେ ଏବଂ ମନ ପ୍ରସନ୍ନ ରହେ । ଯୋଗ, ପ୍ରାଣାୟାମ ଓ ଧ୍ୟାନ ଦ୍ୱାରା ତନୁ-ମନର ସମନ୍ୱୟ ଘଟେ । Development of body, mind and spirit — ଏହି ତ୍ରିବିଧ ବିକାଶ ହିଁ ମାନବ ଜୀବନର ଲକ୍ଷ୍ୟ । ଶରୀରକୁ ଅବହେଳା କଲେ ସାଧନା ଅସମ୍ଭବ; ତେଣୁ ଶରୀର ରକ୍ଷା ପ୍ରଥମ କର୍ତ୍ତବ୍ୟ ।

ମୋ: ୯୪୩୮୦୦୩୬୬୩
କିଏ ମୂର୍ଖ ପଦବାଚ୍ୟ
ବୀରେନ୍ଦ୍ର କେଶରୀ ମିଶ୍ର

ସମାଜରେ କିଏ ମୂର୍ଖ ପଦବାଚ୍ୟ — ଏ ପ୍ରଶ୍ନର ଉତ୍ତର ସହଜ ନୁହେଁ । ଜ୍ଞାନ ଥାଇ ମଧ୍ୟ ଯିଏ ଅହଂକାରରେ ଅନ୍ଧ, ସେ କ'ଣ ଜ୍ଞାନୀ ? ପୁଣି ଅଳ୍ପ ଜାଣି ମଧ୍ୟ ଯିଏ ବିନମ୍ର, ସେ କ'ଣ ମୂର୍ଖ ? ସମାଜରେ କିଏ ମୂର୍ଖ ପଦବାଚ୍ୟ — ଏ ପ୍ରଶ୍ନର ଉତ୍ତର ସହଜ ନୁହେଁ । ଜ୍ଞାନ ଥାଇ ମଧ୍ୟ ଯିଏ ଅହଂକାରରେ ଅନ୍ଧ, ସେ କ'ଣ ଜ୍ଞାନୀ ? ପୁଣି ଅଳ୍ପ ଜାଣି ମଧ୍ୟ ଯିଏ ବିନମ୍ର, ସେ କ'ଣ ମୂର୍ଖ ?

ଚେତନା
ପ୍ରକୃତରେ ଯିଏ ନିଜ ଭୁଲରୁ ଶିଖେ ନାହିଁ, ସମୟର ମୂଲ୍ୟ ବୁଝେ ନାହିଁ ଏବଂ ପରାମର୍ଶ ଶୁଣି ମଧ୍ୟ ଅଣଦେଖା କରେ, ସେ ହିଁ ମୂର୍ଖ ପଦବାଚ୍ୟ । ବିଦ୍ୟା ବିନୟ ଦିଏ; ବିନୟରୁ ପାତ୍ରତା ଆସେ । ଅତଏବ ନିଜକୁ ପ୍ରତିଦିନ ପରଖିବା ହିଁ ବୁଦ୍ଧିମାନର ଲକ୍ଷଣ । ପ୍ରକୃତରେ ଯିଏ ନିଜ ଭୁଲରୁ ଶିଖେ ନାହିଁ, ସମୟର ମୂଲ୍ୟ ବୁଝେ ନାହିଁ ଏବଂ ପରାମର୍ଶ ଶୁଣି ମଧ୍ୟ ଅଣଦେଖା କରେ, ସେ ହିଁ ମୂର୍ଖ ପଦବାଚ୍ୟ । ବିଦ୍ୟା ବିନୟ ଦିଏ; ବିନୟରୁ ପାତ୍ରତା ଆସେ । ଅତଏବ ନିଜକୁ ପ୍ରତିଦିନ ପରଖିବା ହିଁ ବୁଦ୍ଧିମାନର ଲକ୍ଷଣ । ପ୍ରକୃତରେ ଯିଏ ନିଜ ଭୁଲରୁ ଶିଖେ ନାହିଁ, ସମୟର ମୂଲ୍ୟ ବୁଝେ ନାହିଁ ଏବଂ ପରାମର୍ଶ ଶୁଣି ମଧ୍ୟ ଅଣଦେଖା କରେ, ସେ ହିଁ ମୂର୍ଖ ପଦବାଚ୍ୟ । ବିଦ୍ୟା ବିନୟ ଦିଏ; ବିନୟରୁ ପାତ୍ରତା ଆସେ । ଅତଏବ ନିଜକୁ ପ୍ରତିଦିନ ପରଖିବା ହିଁ ବୁଦ୍ଧିମାନର ଲକ୍ଷଣ ।
ମୋ: ୯୪୩୭୦୬୭୨୬୯

'ମୁଁ ତୁମର' — ଏ ଦୁଇ ପଦରେ ଲୁଚି ରହିଛି ସମର୍ପଣର ଗଭୀର ଦର୍ଶନ । ଭକ୍ତ ଯେତେବେଳେ ଭଗବାନଙ୍କ ନିକଟରେ ସମ୍ପୂର୍ଣ୍ଣ ଆତ୍ମସମର୍ପଣ କରେ, ସେତେବେଳେ ଅହଂକାର ଲୋପ ପାଏ । ଜଗନ୍ନାଥ ସଂସ୍କୃତିରେ ଏହି ଭାବ ସର୍ବତ୍ର ପରିବ୍ୟାପ୍ତ । ପ୍ରେମ, ବିଶ୍ୱାସ ଓ ନିଷ୍ଠା — ଏହି ତିନିର ସମାହାରରେ ଭକ୍ତି ପୂର୍ଣ୍ଣତା ପାଏ । ସଂସାରର କୋଳାହଳ ଭିତରେ ମଧ୍ୟ ଯିଏ 'ମୁଁ ତୁମର' ବୋଲି କହିପାରେ, ତାହାର ଜୀବନ ଧନ୍ୟ । 'ମୁଁ ତୁମର' — ଏ ଦୁଇ ପଦରେ ଲୁଚି ରହିଛି ସମର୍ପଣର ଗଭୀର ଦର୍ଶନ । ଭକ୍ତ ଯେତେବେଳେ ଭଗବାନଙ୍କ ନିକଟରେ ସମ୍ପୂର୍ଣ୍ଣ ଆତ୍ମସମର୍ପଣ କରେ, ସେତେବେଳେ ଅହଂକାର ଲୋପ ପାଏ । ଜଗନ୍ନାଥ ସଂସ୍କୃତିରେ ଏହି ଭାବ ସର୍ବତ୍ର ପରିବ୍ୟାପ୍ତ । ପ୍ରେମ, ବିଶ୍ୱାସ ଓ ନିଷ୍ଠା — ଏହି ତିନିର ସମାହାରରେ ଭକ୍ତି ପୂର୍ଣ୍ଣତା ପାଏ । ସଂସାରର କୋଳାହଳ ଭିତରେ ମଧ୍ୟ ଯିଏ 'ମୁଁ ତୁମର' ବୋଲି କହିପାରେ, ତାହାର ଜୀବନ ଧନ୍ୟ ।

'ମୁଁ ତୁମର' — ଏ ଦୁଇ ପଦରେ ଲୁଚି ରହିଛି ସମର୍ପଣର ଗଭୀର ଦର୍ଶନ । ଭକ୍ତ ଯେତେବେଳେ ଭଗବାନଙ୍କ ନିକଟରେ ସମ୍ପୂର୍ଣ୍ଣ ଆତ୍ମସମର୍ପଣ କରେ, ସେତେବେଳେ ଅହଂକାର ଲୋପ ପାଏ । ଜଗନ୍ନାଥ ସଂସ୍କୃତିରେ ଏହି ଭାବ ସର୍ବତ୍ର ପରିବ୍ୟାପ୍ତ । ପ୍ରେମ, ବିଶ୍ୱାସ ଓ ନିଷ୍ଠା — ଏହି ତିନିର ସମାହାରରେ ଭକ୍ତି ପୂର୍ଣ୍ଣତା ପାଏ । ସଂସାରର କୋଳାହଳ ଭିତରେ ମଧ୍ୟ ଯିଏ 'ମୁଁ ତୁମର' ବୋଲି କହିପାରେ, ତାହାର ଜୀବନ ଧନ୍ୟ । 'ମୁଁ ତୁମର' — ଏ ଦୁଇ ପଦରେ ଲୁଚି ରହିଛି ସମର୍ପଣର ଗଭୀର ଦର୍ଶନ । ଭକ୍ତ ଯେତେବେଳେ ଭଗବାନଙ୍କ ନିକଟରେ ସମ୍ପୂର୍ଣ୍ଣ ଆତ୍ମସମର୍ପଣ କରେ, ସେତେବେଳେ ଅହଂକାର ଲୋପ ପାଏ । ଜଗନ୍ନାଥ ସଂସ୍କୃତିରେ ଏହି ଭାବ ସର୍ବତ୍ର ପରିବ୍ୟାପ୍ତ । ପ୍ରେମ, ବିଶ୍ୱାସ ଓ ନିଷ୍ଠା — ଏହି ତିନିର ସମାହାରରେ ଭକ୍ତି ପୂର୍ଣ୍ଣତା ପାଏ । ସଂସାରର କୋଳାହଳ ଭିତରେ ମଧ୍ୟ ଯିଏ 'ମୁଁ ତୁମର' ବୋଲି କହିପାରେ, ତାହାର ଜୀବନ ଧନ୍ୟ ।

ମୁଁ ତୁମର
ପ୍ରଫେସର ଜଗନ୍ନାଥ ଚନ୍ଦ୍ର ପାତ୍ର

'ମୁଁ ତୁମର' — ଏ ଦୁଇ ପଦରେ ଲୁଚି ରହିଛି ସମର୍ପଣର ଗଭୀର ଦର୍ଶନ । ଭକ୍ତ ଯେତେବେଳେ ଭଗବାନଙ୍କ ନିକଟରେ ସମ୍ପୂର୍ଣ୍ଣ ଆତ୍ମସମର୍ପଣ କରେ, ସେତେବେଳେ ଅହଂକାର ଲୋପ ପାଏ । ଜଗନ୍ନାଥ ସଂସ୍କୃତିରେ ଏହି ଭାବ ସର୍ବତ୍ର ପରିବ୍ୟାପ୍ତ । ପ୍ରେମ, ବିଶ୍ୱାସ ଓ ନିଷ୍ଠା — ଏହି ତିନିର ସମାହାରରେ ଭକ୍ତି ପୂର୍ଣ୍ଣତା ପାଏ । ସଂସାରର କୋଳାହଳ ଭିତରେ ମଧ୍ୟ ଯିଏ 'ମୁଁ ତୁମର' ବୋଲି କହିପାରେ, ତାହାର ଜୀବନ ଧନ୍ୟ ।

'ମୁଁ ତୁମର' — ଏ ଦୁଇ ପଦରେ ଲୁଚି ରହିଛି ସମର୍ପଣର ଗଭୀର ଦର୍ଶନ । ଭକ୍ତ ଯେତେବେଳେ ଭଗବାନଙ୍କ ନିକଟରେ ସମ୍ପୂର୍ଣ୍ଣ ଆତ୍ମସମର୍ପଣ କରେ, ସେତେବେଳେ ଅହଂକାର ଲୋପ ପାଏ । ଜଗନ୍ନାଥ ସଂସ୍କୃତିରେ ଏହି ଭାବ ସର୍ବତ୍ର ପରିବ୍ୟାପ୍ତ । ପ୍ରେମ, ବିଶ୍ୱାସ ଓ ନିଷ୍ଠା — ଏହି ତିନିର ସମାହାରରେ ଭକ୍ତି ପୂର୍ଣ୍ଣତା ପାଏ । ସଂସାରର କୋଳାହଳ ଭିତରେ ମଧ୍ୟ ଯିଏ 'ମୁଁ ତୁମର' ବୋଲି କହିପାରେ, ତାହାର ଜୀବନ ଧନ୍ୟ । 'ମୁଁ ତୁମର' — ଏ ଦୁଇ ପଦରେ ଲୁଚି ରହିଛି ସମର୍ପଣର ଗଭୀର ଦର୍ଶନ । ଭକ୍ତ ଯେତେବେଳେ ଭଗବାନଙ୍କ ନିକଟରେ ସମ୍ପୂର୍ଣ୍ଣ ଆତ୍ମସମର୍ପଣ କରେ, ସେତେବେଳେ ଅହଂକାର ଲୋପ ପାଏ । ଜଗନ୍ନାଥ ସଂସ୍କୃତିରେ ଏହି ଭାବ ସର୍ବତ୍ର ପରିବ୍ୟାପ୍ତ । ପ୍ରେମ, ବିଶ୍ୱାସ ଓ ନିଷ୍ଠା — ଏହି ତିନିର ସମାହାରରେ ଭକ୍ତି ପୂର୍ଣ୍ଣତା ପାଏ । ସଂସାରର କୋଳାହଳ ଭିତରେ ମଧ୍ୟ ଯିଏ 'ମୁଁ ତୁମର' ବୋଲି କହିପାରେ, ତାହାର ଜୀବନ ଧନ୍ୟ ।

ମୋ: ୯୪୩୭୨୦୬୫୫୭
ପାଠକଙ୍କ
ଚିଠି

ମହାଶୟ,

ଆଜିକାଲି ସାମାଜିକ ଗଣମାଧ୍ୟମରେ ଯାହା ମନକୁ ଆସେ ତାହା ଲେଖିଦେବା ଏକ ଅଭ୍ୟାସରେ ପରିଣତ ହୋଇଛି । ଏହାର ପରିଣାମ କେତେ ଗୁରୁତର ହୋଇପାରେ, ଅନେକେ ଭାବନ୍ତି ନାହିଁ । ଆଜିକାଲି ସାମାଜିକ ଗଣମାଧ୍ୟମରେ ଯାହା ମନକୁ ଆସେ ତାହା ଲେଖିଦେବା ଏକ ଅଭ୍ୟାସରେ ପରିଣତ ହୋଇଛି । ଏହାର ପରିଣାମ କେତେ ଗୁରୁତର ହୋଇପାରେ, ଅନେକେ ଭାବନ୍ତି ନାହିଁ ।

କିଛି କହିବା ଆଗରୁ ଭାବନ୍ତୁ

ଶବ୍ଦର ଶକ୍ତି ଅସୀମ — ଗୋଟିଏ କଥା କାହାକୁ ଗଢ଼ିପାରେ, ଗୋଟିଏ କଥା ଭାଙ୍ଗିପାରେ । ତେଣୁ କିଛି କହିବା ଆଗରୁ ଦୁଇଥର ଭାବିବା ଉଚିତ । ଶବ୍ଦର ଶକ୍ତି ଅସୀମ — ଗୋଟିଏ କଥା କାହାକୁ ଗଢ଼ିପାରେ, ଗୋଟିଏ କଥା ଭାଙ୍ଗିପାରେ । ତେଣୁ କିଛି କହିବା ଆଗରୁ ଦୁଇଥର ଭାବିବା ଉଚିତ ।

ବିଶେଷକରି ଯୁବପିଢ଼ି ଏ ଦିଗରେ ସଚେତନ ହେବା ଜରୁରୀ । ସଂଯମ ଓ ଶିଷ୍ଟାଚାର ହିଁ ସୁସ୍ଥ ସମାଜର ମୂଳଦୁଆ । ବିଶେଷକରି ଯୁବପିଢ଼ି ଏ ଦିଗରେ ସଚେତନ ହେବା ଜରୁରୀ । ସଂଯମ ଓ ଶିଷ୍ଟାଚାର ହିଁ ସୁସ୍ଥ ସମାଜର ମୂଳଦୁଆ । ବିଶେଷକରି ଯୁବପିଢ଼ି ଏ ଦିଗରେ ସଚେତନ ହେବା ଜରୁରୀ । ସଂଯମ ଓ ଶିଷ୍ଟାଚାର ହିଁ ସୁସ୍ଥ ସମାଜର ମୂଳଦୁଆ ।

ଜ୍ୟୋତିରଞ୍ଜନ ପଣ୍ଡା
ପାରାଦୀପ
